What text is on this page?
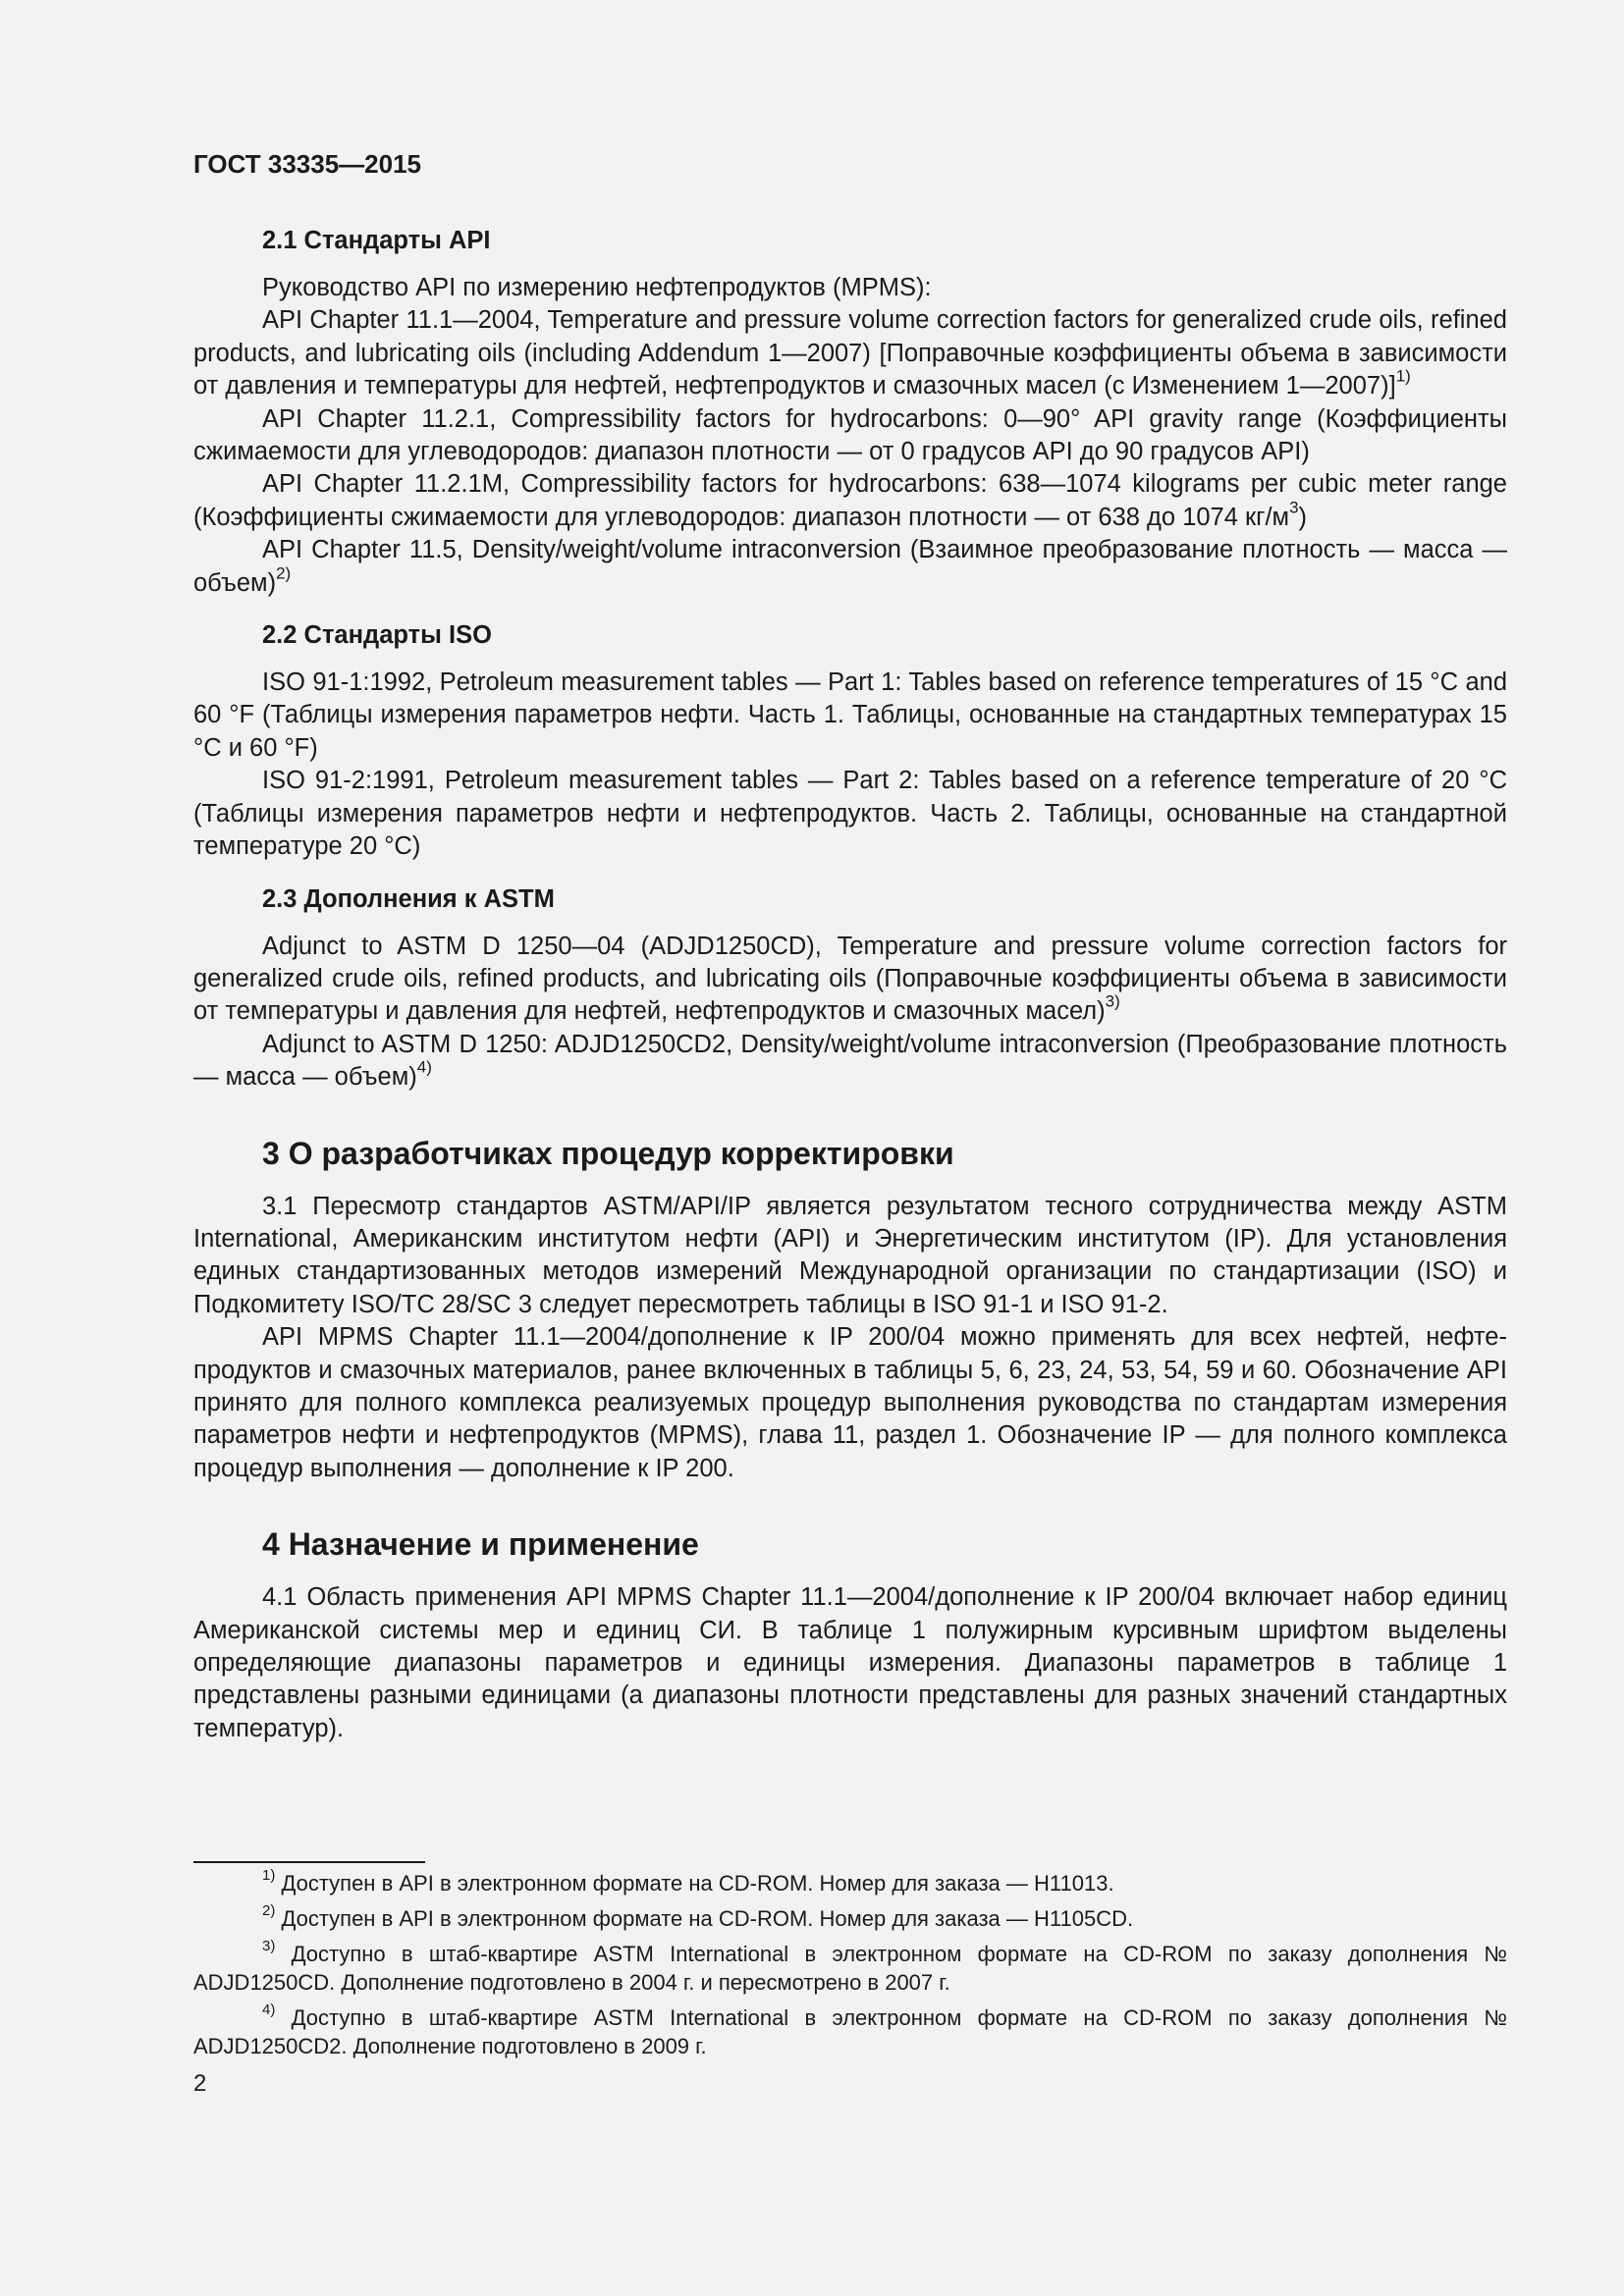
ГОСТ 33335—2015
2.1 Стандарты API

Руководство API по измерению нефтепродуктов (MPMS):

API Chapter 11.1—2004, Temperature and pressure volume correction factors for generalized crude oils, refined products, and lubricating oils (including Addendum 1—2007) [Поправочные коэффициенты объема в зависимости от давления и температуры для нефтей, нефтепродуктов и смазочных масел (с Изменением 1—2007)]$^{1)}$

API Chapter 11.2.1, Compressibility factors for hydrocarbons: 0—90° API gravity range (Коэффициенты сжимаемости для углеводородов: диапазон плотности — от 0 градусов API до 90 градусов API)

API Chapter 11.2.1M, Compressibility factors for hydrocarbons: 638—1074 kilograms per cubic meter range (Коэффициенты сжимаемости для углеводородов: диапазон плотности — от 638 до 1074 $кг/м^3$)

API Chapter 11.5, Density/weight/volume intraconversion (Взаимное преобразование плотность — масса — объем)$^{2)}$

2.2 Стандарты ISO

ISO 91-1:1992, Petroleum measurement tables — Part 1: Tables based on reference temperatures of 15 °C and 60 °F (Таблицы измерения параметров нефти. Часть 1. Таблицы, основанные на стандартных температурах 15 °C и 60 °F)

ISO 91-2:1991, Petroleum measurement tables — Part 2: Tables based on a reference temperature of 20 °C (Таблицы измерения параметров нефти и нефтепродуктов. Часть 2. Таблицы, основанные на стандартной температуре 20 °C)

2.3 Дополнения к ASTM

Adjunct to ASTM D 1250—04 (ADJD1250CD), Temperature and pressure volume correction factors for generalized crude oils, refined products, and lubricating oils (Поправочные коэффициенты объема в зависимости от температуры и давления для нефтей, нефтепродуктов и смазочных масел)$^{3)}$

Adjunct to ASTM D 1250: ADJD1250CD2, Density/weight/volume intraconversion (Преобразование плотность — масса — объем)$^{4)}$

3 О разработчиках процедур корректировки

3.1 Пересмотр стандартов ASTM/API/IP является результатом тесного сотрудничества между ASTM International, Американским институтом нефти (API) и Энергетическим институтом (IP). Для установления единых стандартизованных методов измерений Международной организации по стандартизации (ISO) и Подкомитету ISO/TC 28/SC 3 следует пересмотреть таблицы в ISO 91-1 и ISO 91-2.

API MPMS Chapter 11.1—2004/дополнение к IP 200/04 можно применять для всех нефтей, нефтепродуктов и смазочных материалов, ранее включенных в таблицы 5, 6, 23, 24, 53, 54, 59 и 60. Обозначение API принято для полного комплекса реализуемых процедур выполнения руководства по стандартам измерения параметров нефти и нефтепродуктов (MPMS), глава 11, раздел 1. Обозначение IP — для полного комплекса процедур выполнения — дополнение к IP 200.

4 Назначение и применение

4.1 Область применения API MPMS Chapter 11.1—2004/дополнение к IP 200/04 включает набор единиц Американской системы мер и единиц СИ. В таблице 1 полужирным курсивным шрифтом выделены определяющие диапазоны параметров и единицы измерения. Диапазоны параметров в таблице 1 представлены разными единицами (а диапазоны плотности представлены для разных значений стандартных температур).

$^{1)}$ Доступен в API в электронном формате на CD-ROM. Номер для заказа — H11013.

$^{2)}$ Доступен в API в электронном формате на CD-ROM. Номер для заказа — H1105CD.

$^{3)}$ Доступно в штаб-квартире ASTM International в электронном формате на CD-ROM по заказу дополнения № ADJD1250CD. Дополнение подготовлено в 2004 г. и пересмотрено в 2007 г.

$^{4)}$ Доступно в штаб-квартире ASTM International в электронном формате на CD-ROM по заказу дополнения № ADJD1250CD2. Дополнение подготовлено в 2009 г.

2
